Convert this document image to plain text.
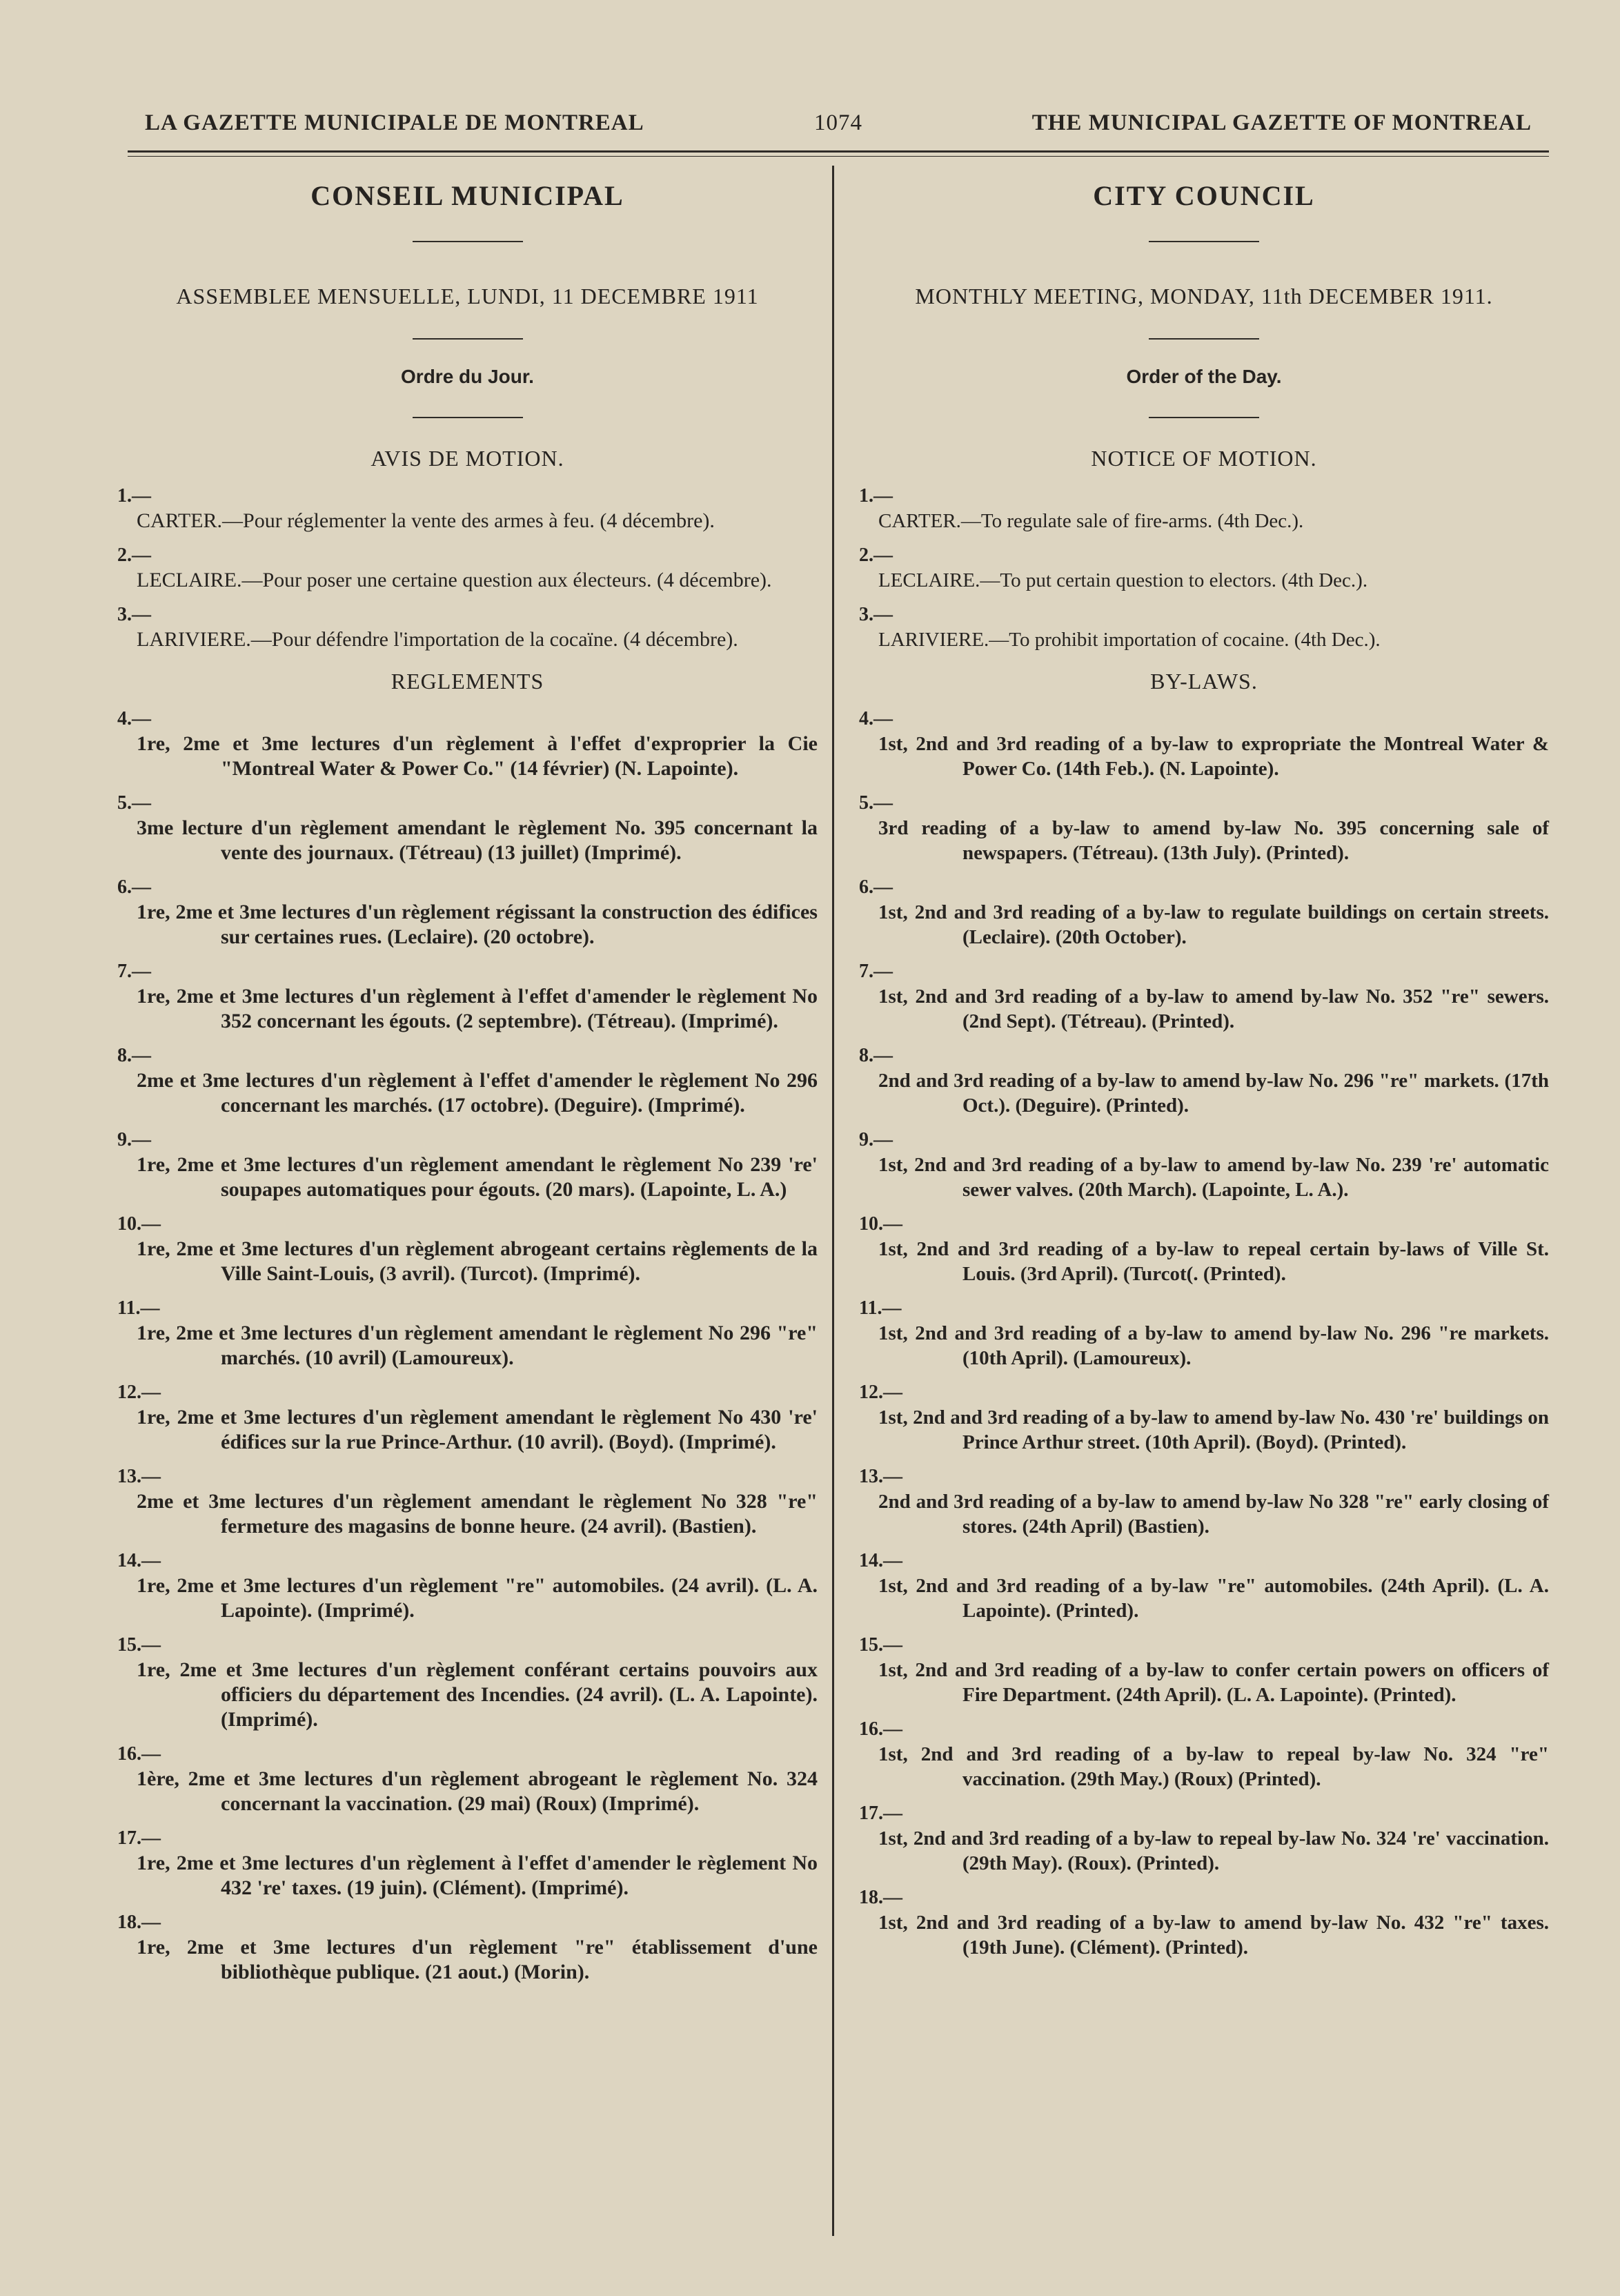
LA GAZETTE MUNICIPALE DE MONTREAL	1074	THE MUNICIPAL GAZETTE OF MONTREAL
CONSEIL MUNICIPAL
ASSEMBLEE MENSUELLE, LUNDI, 11 DECEMBRE 1911
Ordre du Jour.
AVIS DE MOTION.
1.—
CARTER.—Pour réglementer la vente des armes à feu. (4 décembre).
2.—
LECLAIRE.—Pour poser une certaine question aux électeurs. (4 décembre).
3.—
LARIVIERE.—Pour défendre l'importation de la cocaïne. (4 décembre).
REGLEMENTS
4.—
1re, 2me et 3me lectures d'un règlement à l'effet d'exproprier la Cie "Montreal Water & Power Co." (14 février) (N. Lapointe).
5.—
3me lecture d'un règlement amendant le règlement No. 395 concernant la vente des journaux. (Tétreau) (13 juillet) (Imprimé).
6.—
1re, 2me et 3me lectures d'un règlement régissant la construction des édifices sur certaines rues. (Leclaire). (20 octobre).
7.—
1re, 2me et 3me lectures d'un règlement à l'effet d'amender le règlement No 352 concernant les égouts. (2 septembre). (Tétreau). (Imprimé).
8.—
2me et 3me lectures d'un règlement à l'effet d'amender le règlement No 296 concernant les marchés. (17 octobre). (Deguire). (Imprimé).
9.—
1re, 2me et 3me lectures d'un règlement amendant le règlement No 239 're' soupapes automatiques pour égouts. (20 mars). (Lapointe, L. A.)
10.—
1re, 2me et 3me lectures d'un règlement abrogeant certains règlements de la Ville Saint-Louis, (3 avril). (Turcot). (Imprimé).
11.—
1re, 2me et 3me lectures d'un règlement amendant le règlement No 296 "re" marchés. (10 avril) (Lamoureux).
12.—
1re, 2me et 3me lectures d'un règlement amendant le règlement No 430 're' édifices sur la rue Prince-Arthur. (10 avril). (Boyd). (Imprimé).
13.—
2me et 3me lectures d'un règlement amendant le règlement No 328 "re" fermeture des magasins de bonne heure. (24 avril). (Bastien).
14.—
1re, 2me et 3me lectures d'un règlement "re" automobiles. (24 avril). (L. A. Lapointe). (Imprimé).
15.—
1re, 2me et 3me lectures d'un règlement conférant certains pouvoirs aux officiers du département des Incendies. (24 avril). (L. A. Lapointe). (Imprimé).
16.—
1ère, 2me et 3me lectures d'un règlement abrogeant le règlement No. 324 concernant la vaccination. (29 mai) (Roux) (Imprimé).
17.—
1re, 2me et 3me lectures d'un règlement à l'effet d'amender le règlement No 432 're' taxes. (19 juin). (Clément). (Imprimé).
18.—
1re, 2me et 3me lectures d'un règlement "re" établissement d'une bibliothèque publique. (21 aout.) (Morin).
CITY COUNCIL
MONTHLY MEETING, MONDAY, 11th DECEMBER 1911.
Order of the Day.
NOTICE OF MOTION.
1.—
CARTER.—To regulate sale of fire-arms. (4th Dec.).
2.—
LECLAIRE.—To put certain question to electors. (4th Dec.).
3.—
LARIVIERE.—To prohibit importation of cocaine. (4th Dec.).
BY-LAWS.
4.—
1st, 2nd and 3rd reading of a by-law to expropriate the Montreal Water & Power Co. (14th Feb.). (N. Lapointe).
5.—
3rd reading of a by-law to amend by-law No. 395 concerning sale of newspapers. (Tétreau). (13th July). (Printed).
6.—
1st, 2nd and 3rd reading of a by-law to regulate buildings on certain streets. (Leclaire). (20th October).
7.—
1st, 2nd and 3rd reading of a by-law to amend by-law No. 352 "re" sewers. (2nd Sept). (Tétreau). (Printed).
8.—
2nd and 3rd reading of a by-law to amend by-law No. 296 "re" markets. (17th Oct.). (Deguire). (Printed).
9.—
1st, 2nd and 3rd reading of a by-law to amend by-law No. 239 're' automatic sewer valves. (20th March). (Lapointe, L. A.).
10.—
1st, 2nd and 3rd reading of a by-law to repeal certain by-laws of Ville St. Louis. (3rd April). (Turcot(. (Printed).
11.—
1st, 2nd and 3rd reading of a by-law to amend by-law No. 296 "re markets. (10th April). (Lamoureux).
12.—
1st, 2nd and 3rd reading of a by-law to amend by-law No. 430 're' buildings on Prince Arthur street. (10th April). (Boyd). (Printed).
13.—
2nd and 3rd reading of a by-law to amend by-law No 328 "re" early closing of stores. (24th April) (Bastien).
14.—
1st, 2nd and 3rd reading of a by-law "re" automobiles. (24th April). (L. A. Lapointe). (Printed).
15.—
1st, 2nd and 3rd reading of a by-law to confer certain powers on officers of Fire Department. (24th April). (L. A. Lapointe). (Printed).
16.—
1st, 2nd and 3rd reading of a by-law to repeal by-law No. 324 "re" vaccination. (29th May.) (Roux) (Printed).
17.—
1st, 2nd and 3rd reading of a by-law to repeal by-law No. 324 're' vaccination. (29th May). (Roux). (Printed).
18.—
1st, 2nd and 3rd reading of a by-law to amend by-law No. 432 "re" taxes. (19th June). (Clément). (Printed).
